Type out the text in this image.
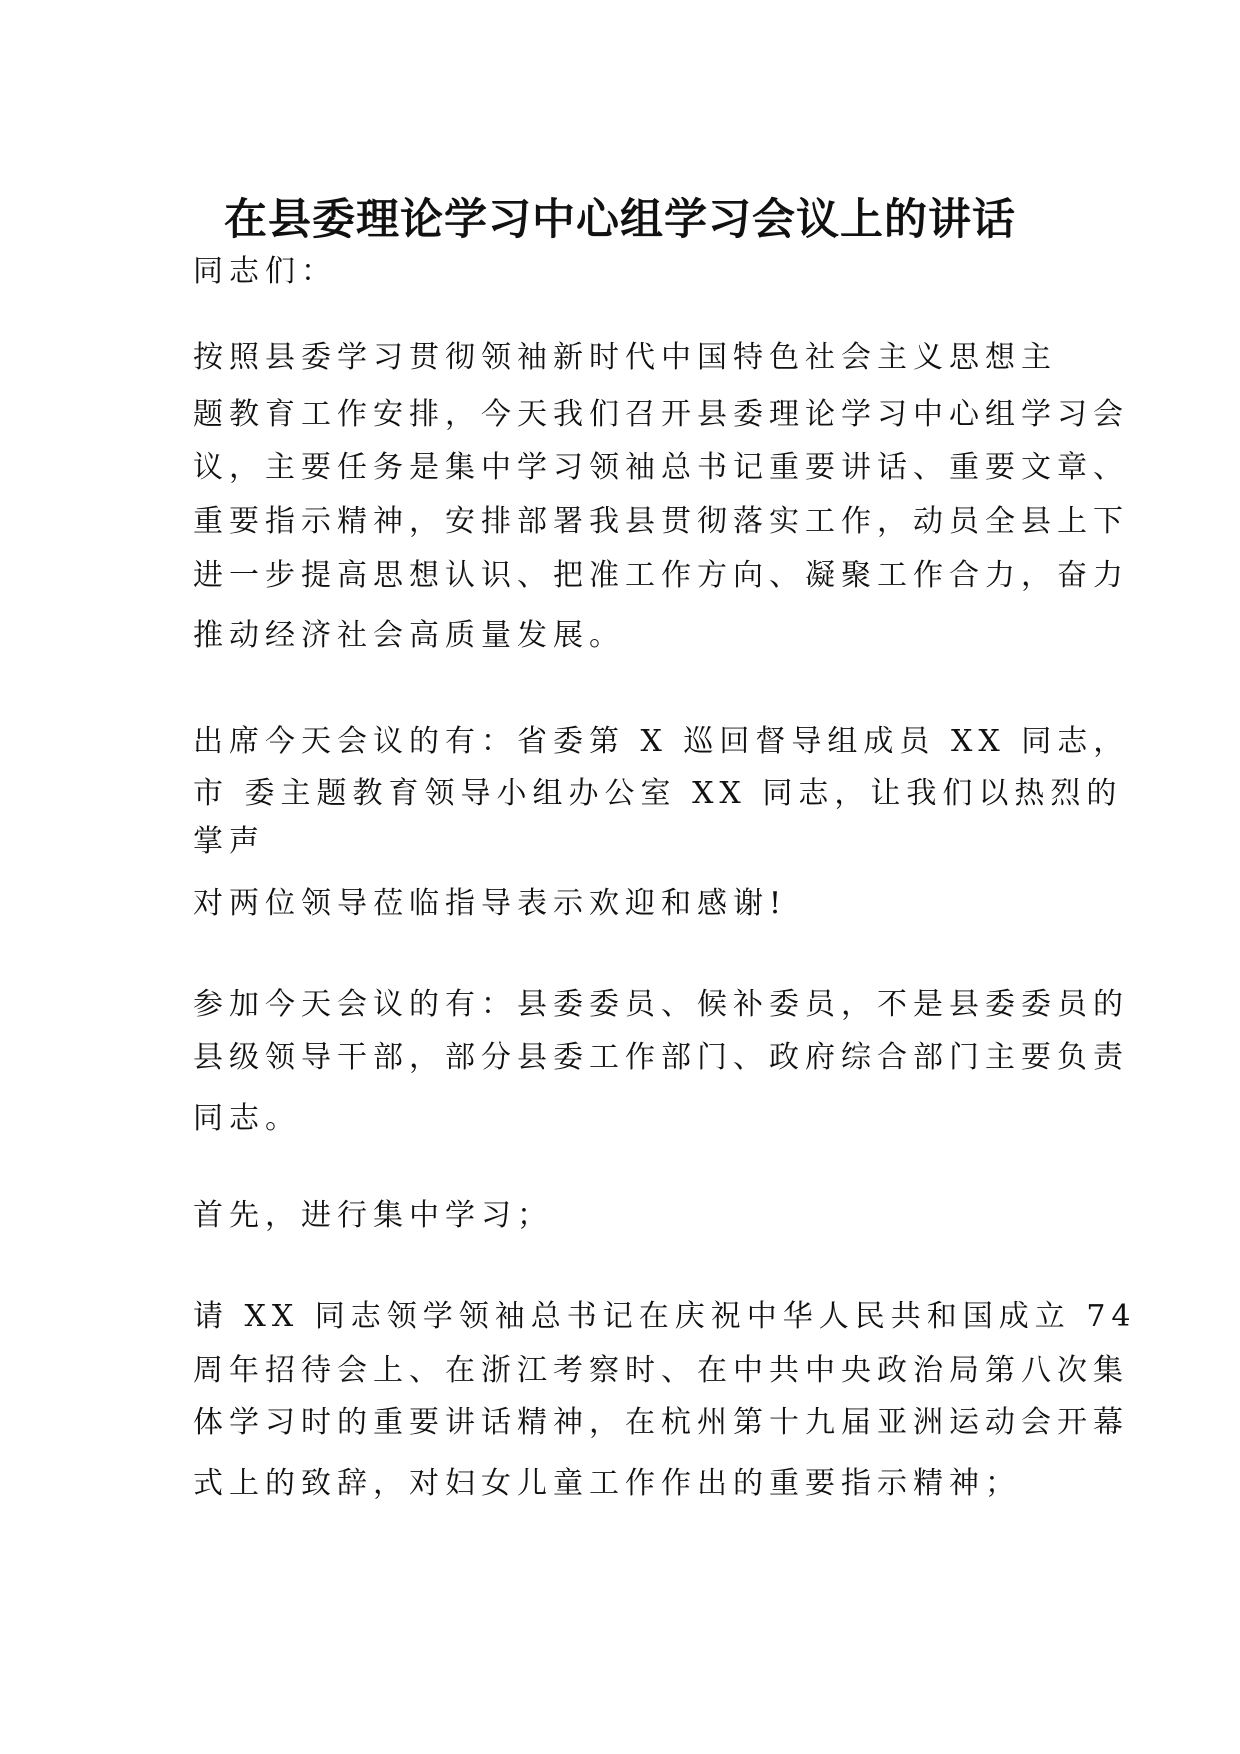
在县委理论学习中心组学习会议上的讲话
同志们：
按照县委学习贯彻领袖新时代中国特色社会主义思想主
题教育工作安排，今天我们召开县委理论学习中心组学习会
议，主要任务是集中学习领袖总书记重要讲话、重要文章、
重要指示精神，安排部署我县贯彻落实工作，动员全县上下
进一步提高思想认识、把准工作方向、凝聚工作合力，奋力
推动经济社会高质量发展。
出席今天会议的有：省委第 X 巡回督导组成员 XX 同志，
市 委主题教育领导小组办公室 XX 同志，让我们以热烈的
掌声
对两位领导莅临指导表示欢迎和感谢!
参加今天会议的有：县委委员、候补委员，不是县委委员的
县级领导干部，部分县委工作部门、政府综合部门主要负责
同志。
首先，进行集中学习；
请 XX 同志领学领袖总书记在庆祝中华人民共和国成立 74
周年招待会上、在浙江考察时、在中共中央政治局第八次集
体学习时的重要讲话精神，在杭州第十九届亚洲运动会开幕
式上的致辞，对妇女儿童工作作出的重要指示精神；
